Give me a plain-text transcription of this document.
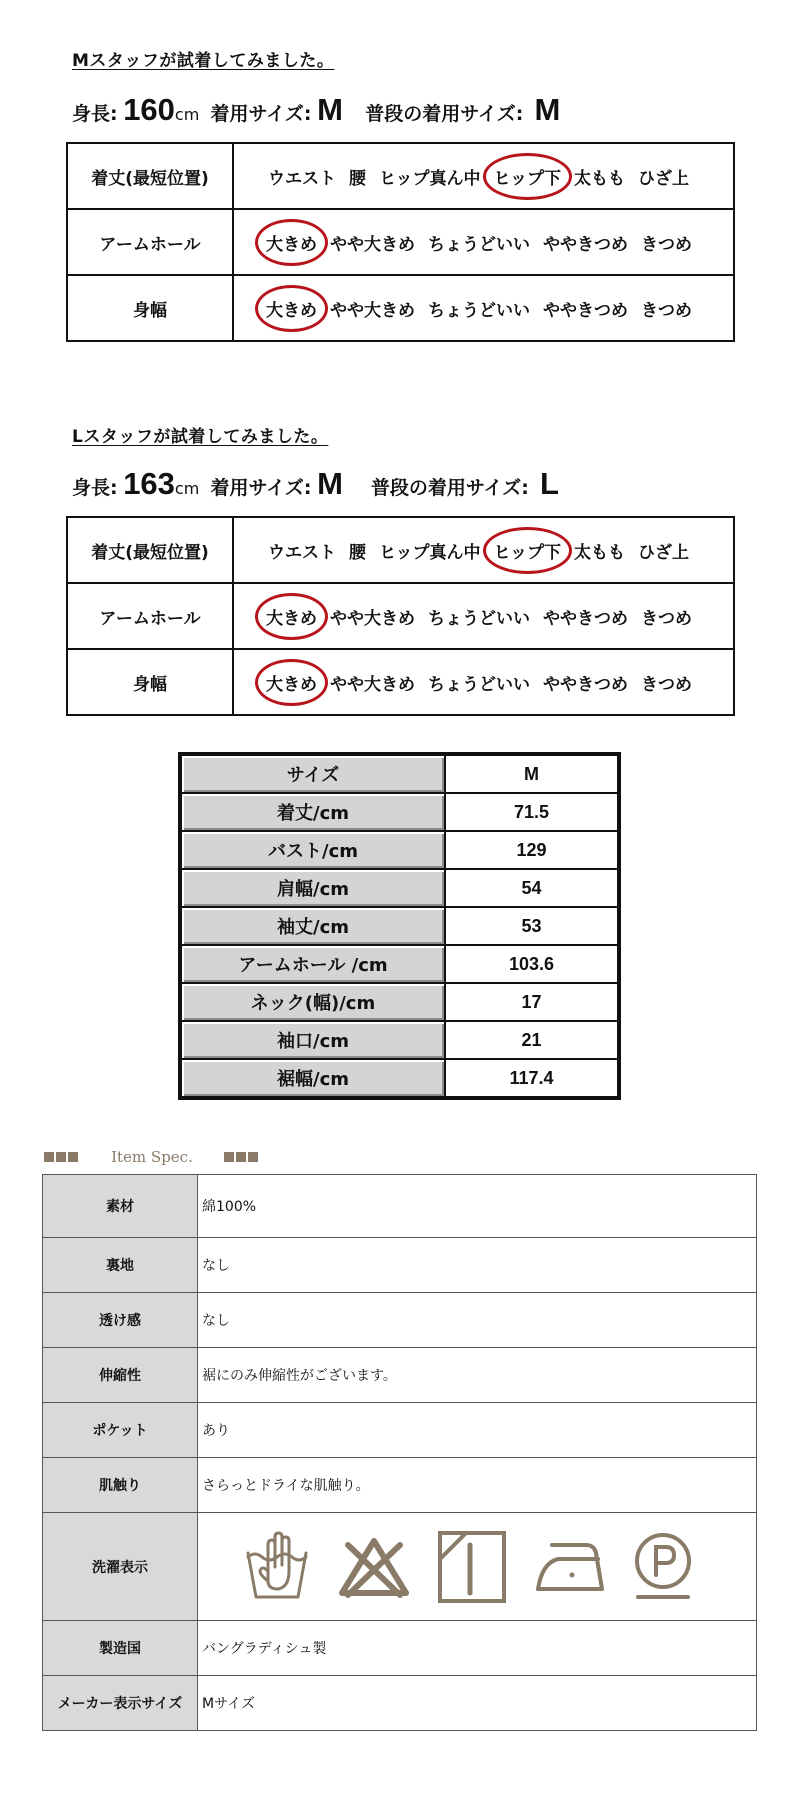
Mスタッフが試着してみました。
身長: 160cm 着用サイズ: M 普段の着用サイズ: M
着丈(最短位置)	ウエスト 腰 ヒップ真ん中 ヒップ下 太もも ひざ上
アームホール	大きめ やや大きめ ちょうどいい ややきつめ きつめ
身幅	大きめ やや大きめ ちょうどいい ややきつめ きつめ
Lスタッフが試着してみました。
身長: 163cm 着用サイズ: M 普段の着用サイズ: L
着丈(最短位置)	ウエスト 腰 ヒップ真ん中 ヒップ下 太もも ひざ上
アームホール	大きめ やや大きめ ちょうどいい ややきつめ きつめ
身幅	大きめ やや大きめ ちょうどいい ややきつめ きつめ
サイズ	M
着丈/cm	71.5
バスト/cm	129
肩幅/cm	54
袖丈/cm	53
アームホール /cm	103.6
ネック(幅)/cm	17
袖口/cm	21
裾幅/cm	117.4
Item Spec.
素材	綿100%
裏地	なし
透け感	なし
伸縮性	裾にのみ伸縮性がございます。
ポケット	あり
肌触り	さらっとドライな肌触り。
洗濯表示	

製造国	バングラディシュ製
メーカー表示サイズ	Mサイズ
